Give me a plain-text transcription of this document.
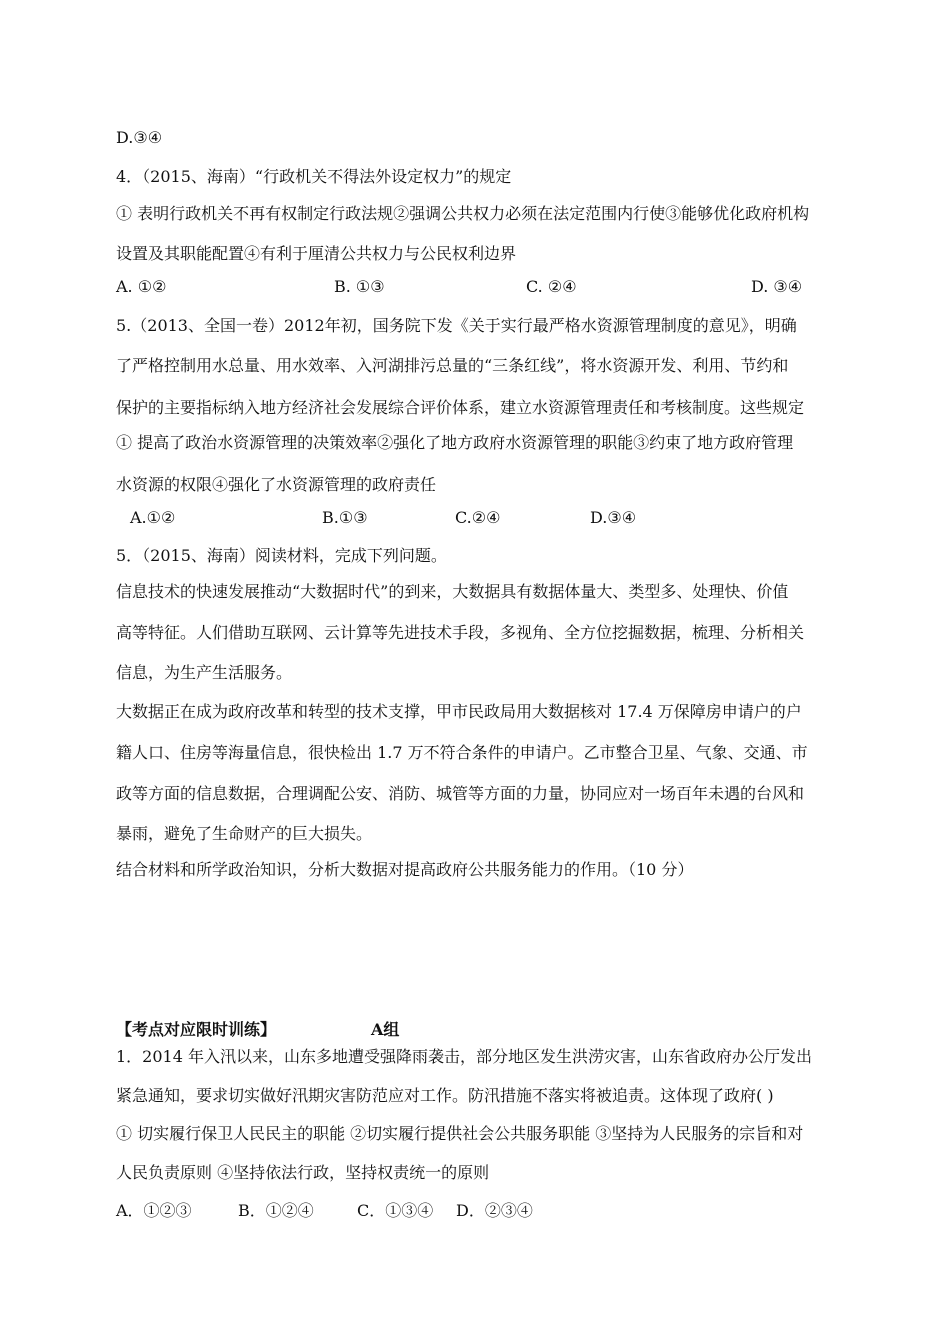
D.③④
4．（2015、海南）“行政机关不得法外设定权力”的规定
① 表明行政机关不再有权制定行政法规②强调公共权力必须在法定范围内行使③能够优化政府机构
设置及其职能配置④有利于厘清公共权力与公民权利边界
A. ①②	B. ①③	C. ②④	D. ③④
5.（2013、全国一卷）2012年初，国务院下发《关于实行最严格水资源管理制度的意见》，明确
了严格控制用水总量、用水效率、入河湖排污总量的“三条红线”，将水资源开发、利用、节约和
保护的主要指标纳入地方经济社会发展综合评价体系，建立水资源管理责任和考核制度。这些规定
① 提高了政治水资源管理的决策效率②强化了地方政府水资源管理的职能③约束了地方政府管理
水资源的权限④强化了水资源管理的政府责任
A.①②	B.①③	C.②④	D.③④
5．（2015、海南）阅读材料，完成下列问题。
信息技术的快速发展推动“大数据时代”的到来，大数据具有数据体量大、类型多、处理快、价值
高等特征。人们借助互联网、云计算等先进技术手段，多视角、全方位挖掘数据，梳理、分析相关
信息，为生产生活服务。
大数据正在成为政府改革和转型的技术支撑，甲市民政局用大数据核对 17.4 万保障房申请户的户
籍人口、住房等海量信息，很快检出 1.7 万不符合条件的申请户。乙市整合卫星、气象、交通、市
政等方面的信息数据，合理调配公安、消防、城管等方面的力量，协同应对一场百年未遇的台风和
暴雨，避免了生命财产的巨大损失。
结合材料和所学政治知识，分析大数据对提高政府公共服务能力的作用。（10 分）
【考点对应限时训练】	A组
1．2014 年入汛以来，山东多地遭受强降雨袭击，部分地区发生洪涝灾害，山东省政府办公厅发出
紧急通知，要求切实做好汛期灾害防范应对工作。防汛措施不落实将被追责。这体现了政府( )
① 切实履行保卫人民民主的职能 ②切实履行提供社会公共服务职能 ③坚持为人民服务的宗旨和对
人民负责原则 ④坚持依法行政，坚持权责统一的原则
A．①②③	B．①②④	C．①③④ D．②③④
